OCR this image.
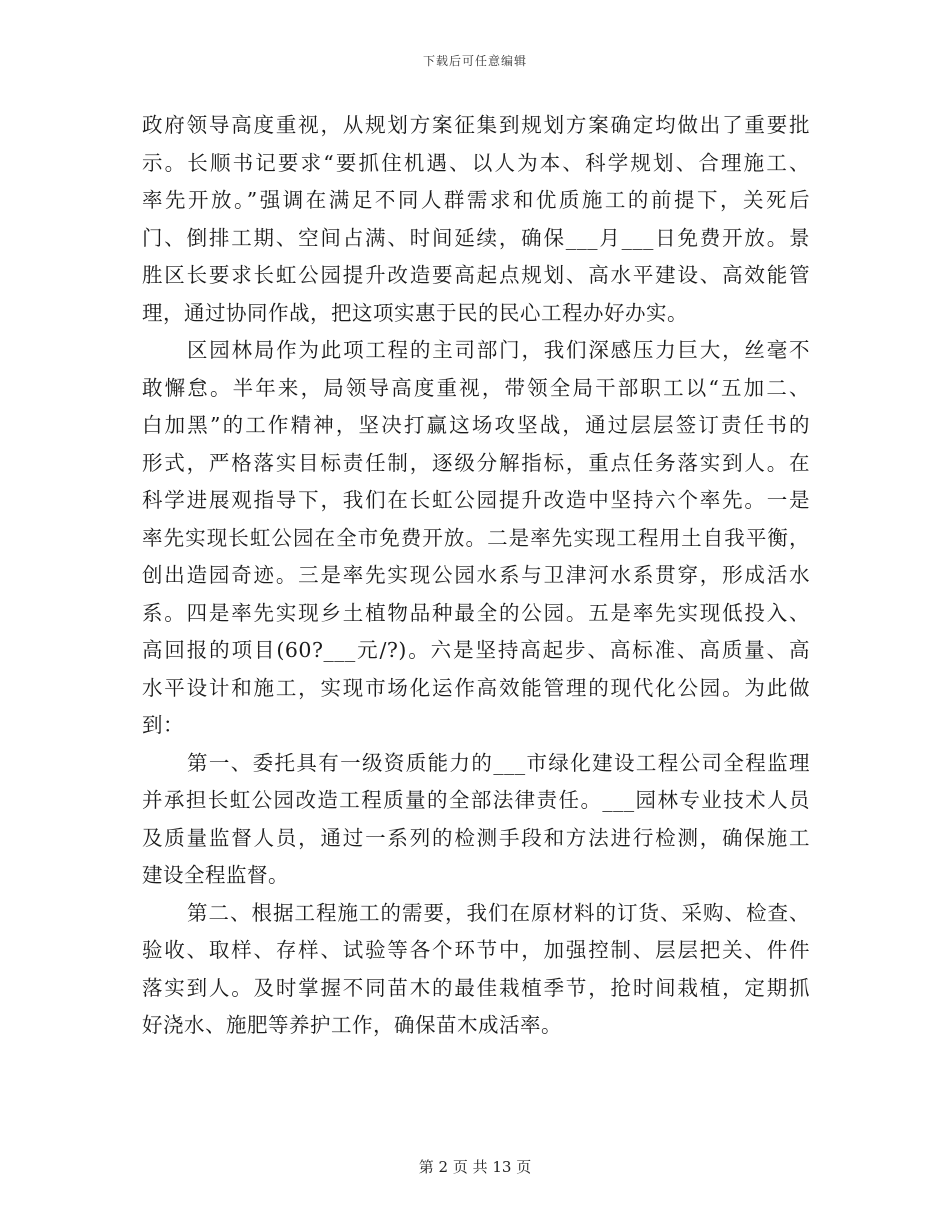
下载后可任意编辑
政府领导高度重视，从规划方案征集到规划方案确定均做出了重要批
示。长顺书记要求“要抓住机遇、以人为本、科学规划、合理施工、
率先开放。”强调在满足不同人群需求和优质施工的前提下，关死后
门、倒排工期、空间占满、时间延续，确保___月___日免费开放。景
胜区长要求长虹公园提升改造要高起点规划、高水平建设、高效能管
理，通过协同作战，把这项实惠于民的民心工程办好办实。
区园林局作为此项工程的主司部门，我们深感压力巨大，丝毫不
敢懈怠。半年来，局领导高度重视，带领全局干部职工以“五加二、
白加黑”的工作精神，坚决打赢这场攻坚战，通过层层签订责任书的
形式，严格落实目标责任制，逐级分解指标，重点任务落实到人。在
科学进展观指导下，我们在长虹公园提升改造中坚持六个率先。一是
率先实现长虹公园在全市免费开放。二是率先实现工程用土自我平衡，
创出造园奇迹。三是率先实现公园水系与卫津河水系贯穿，形成活水
系。四是率先实现乡土植物品种最全的公园。五是率先实现低投入、
高回报的项目(60?___元/?)。六是坚持高起步、高标准、高质量、高
水平设计和施工，实现市场化运作高效能管理的现代化公园。为此做
到：
第一、委托具有一级资质能力的___市绿化建设工程公司全程监理
并承担长虹公园改造工程质量的全部法律责任。___园林专业技术人员
及质量监督人员，通过一系列的检测手段和方法进行检测，确保施工
建设全程监督。
第二、根据工程施工的需要，我们在原材料的订货、采购、检查、
验收、取样、存样、试验等各个环节中，加强控制、层层把关、件件
落实到人。及时掌握不同苗木的最佳栽植季节，抢时间栽植，定期抓
好浇水、施肥等养护工作，确保苗木成活率。
第 2 页 共 13 页
